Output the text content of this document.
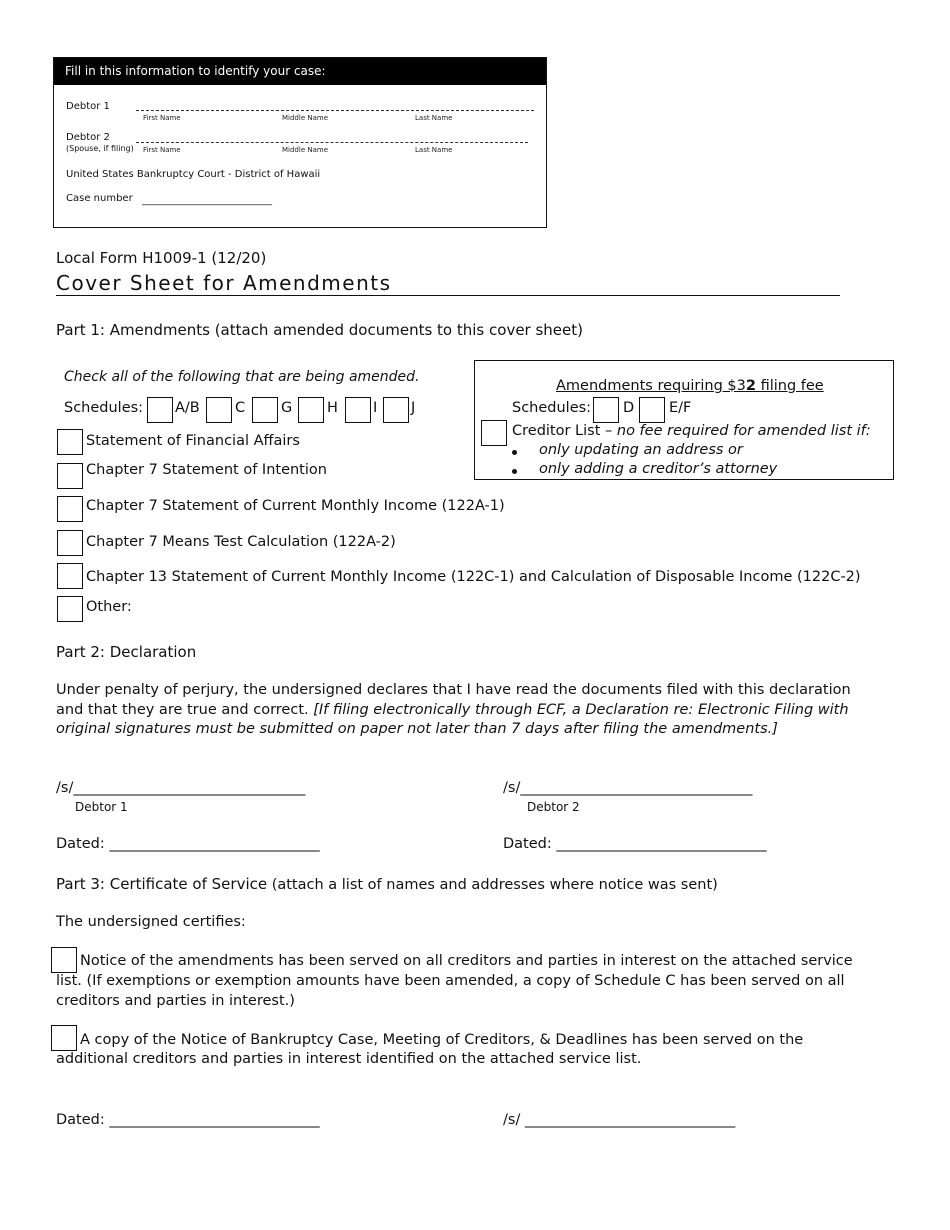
Fill in this information to identify your case:
Debtor 1
First Name	Middle Name	Last Name
Debtor 2
(Spouse, if filing) First Name	Middle Name	Last Name
United States Bankruptcy Court - District of Hawaii
Case number __________________________
Local Form H1009-1 (12/20)
Cover Sheet for Amendments
Part 1: Amendments (attach amended documents to this cover sheet)
Check all of the following that are being amended.
Schedules: A/B C G H I J
Amendments requiring $32 filing fee
Schedules: D E/F
Creditor List – no fee required for amended list if:
only updating an address or
only adding a creditor’s attorney
Statement of Financial Affairs
Chapter 7 Statement of Intention
Chapter 7 Statement of Current Monthly Income (122A-1)
Chapter 7 Means Test Calculation (122A-2)
Chapter 13 Statement of Current Monthly Income (122C-1) and Calculation of Disposable Income (122C-2)
Other:
Part 2: Declaration
Under penalty of perjury, the undersigned declares that I have read the documents filed with this declaration
and that they are true and correct. [If filing electronically through ECF, a Declaration re: Electronic Filing with
original signatures must be submitted on paper not later than 7 days after filing the amendments.]
/s/________________________________
Debtor 1
/s/________________________________
Debtor 2
Dated: _____________________________	Dated: _____________________________
Part 3: Certificate of Service (attach a list of names and addresses where notice was sent)
The undersigned certifies:
Notice of the amendments has been served on all creditors and parties in interest on the attached service
list. (If exemptions or exemption amounts have been amended, a copy of Schedule C has been served on all
creditors and parties in interest.)
A copy of the Notice of Bankruptcy Case, Meeting of Creditors, & Deadlines has been served on the
additional creditors and parties in interest identified on the attached service list.
Dated: _____________________________	/s/ _____________________________
